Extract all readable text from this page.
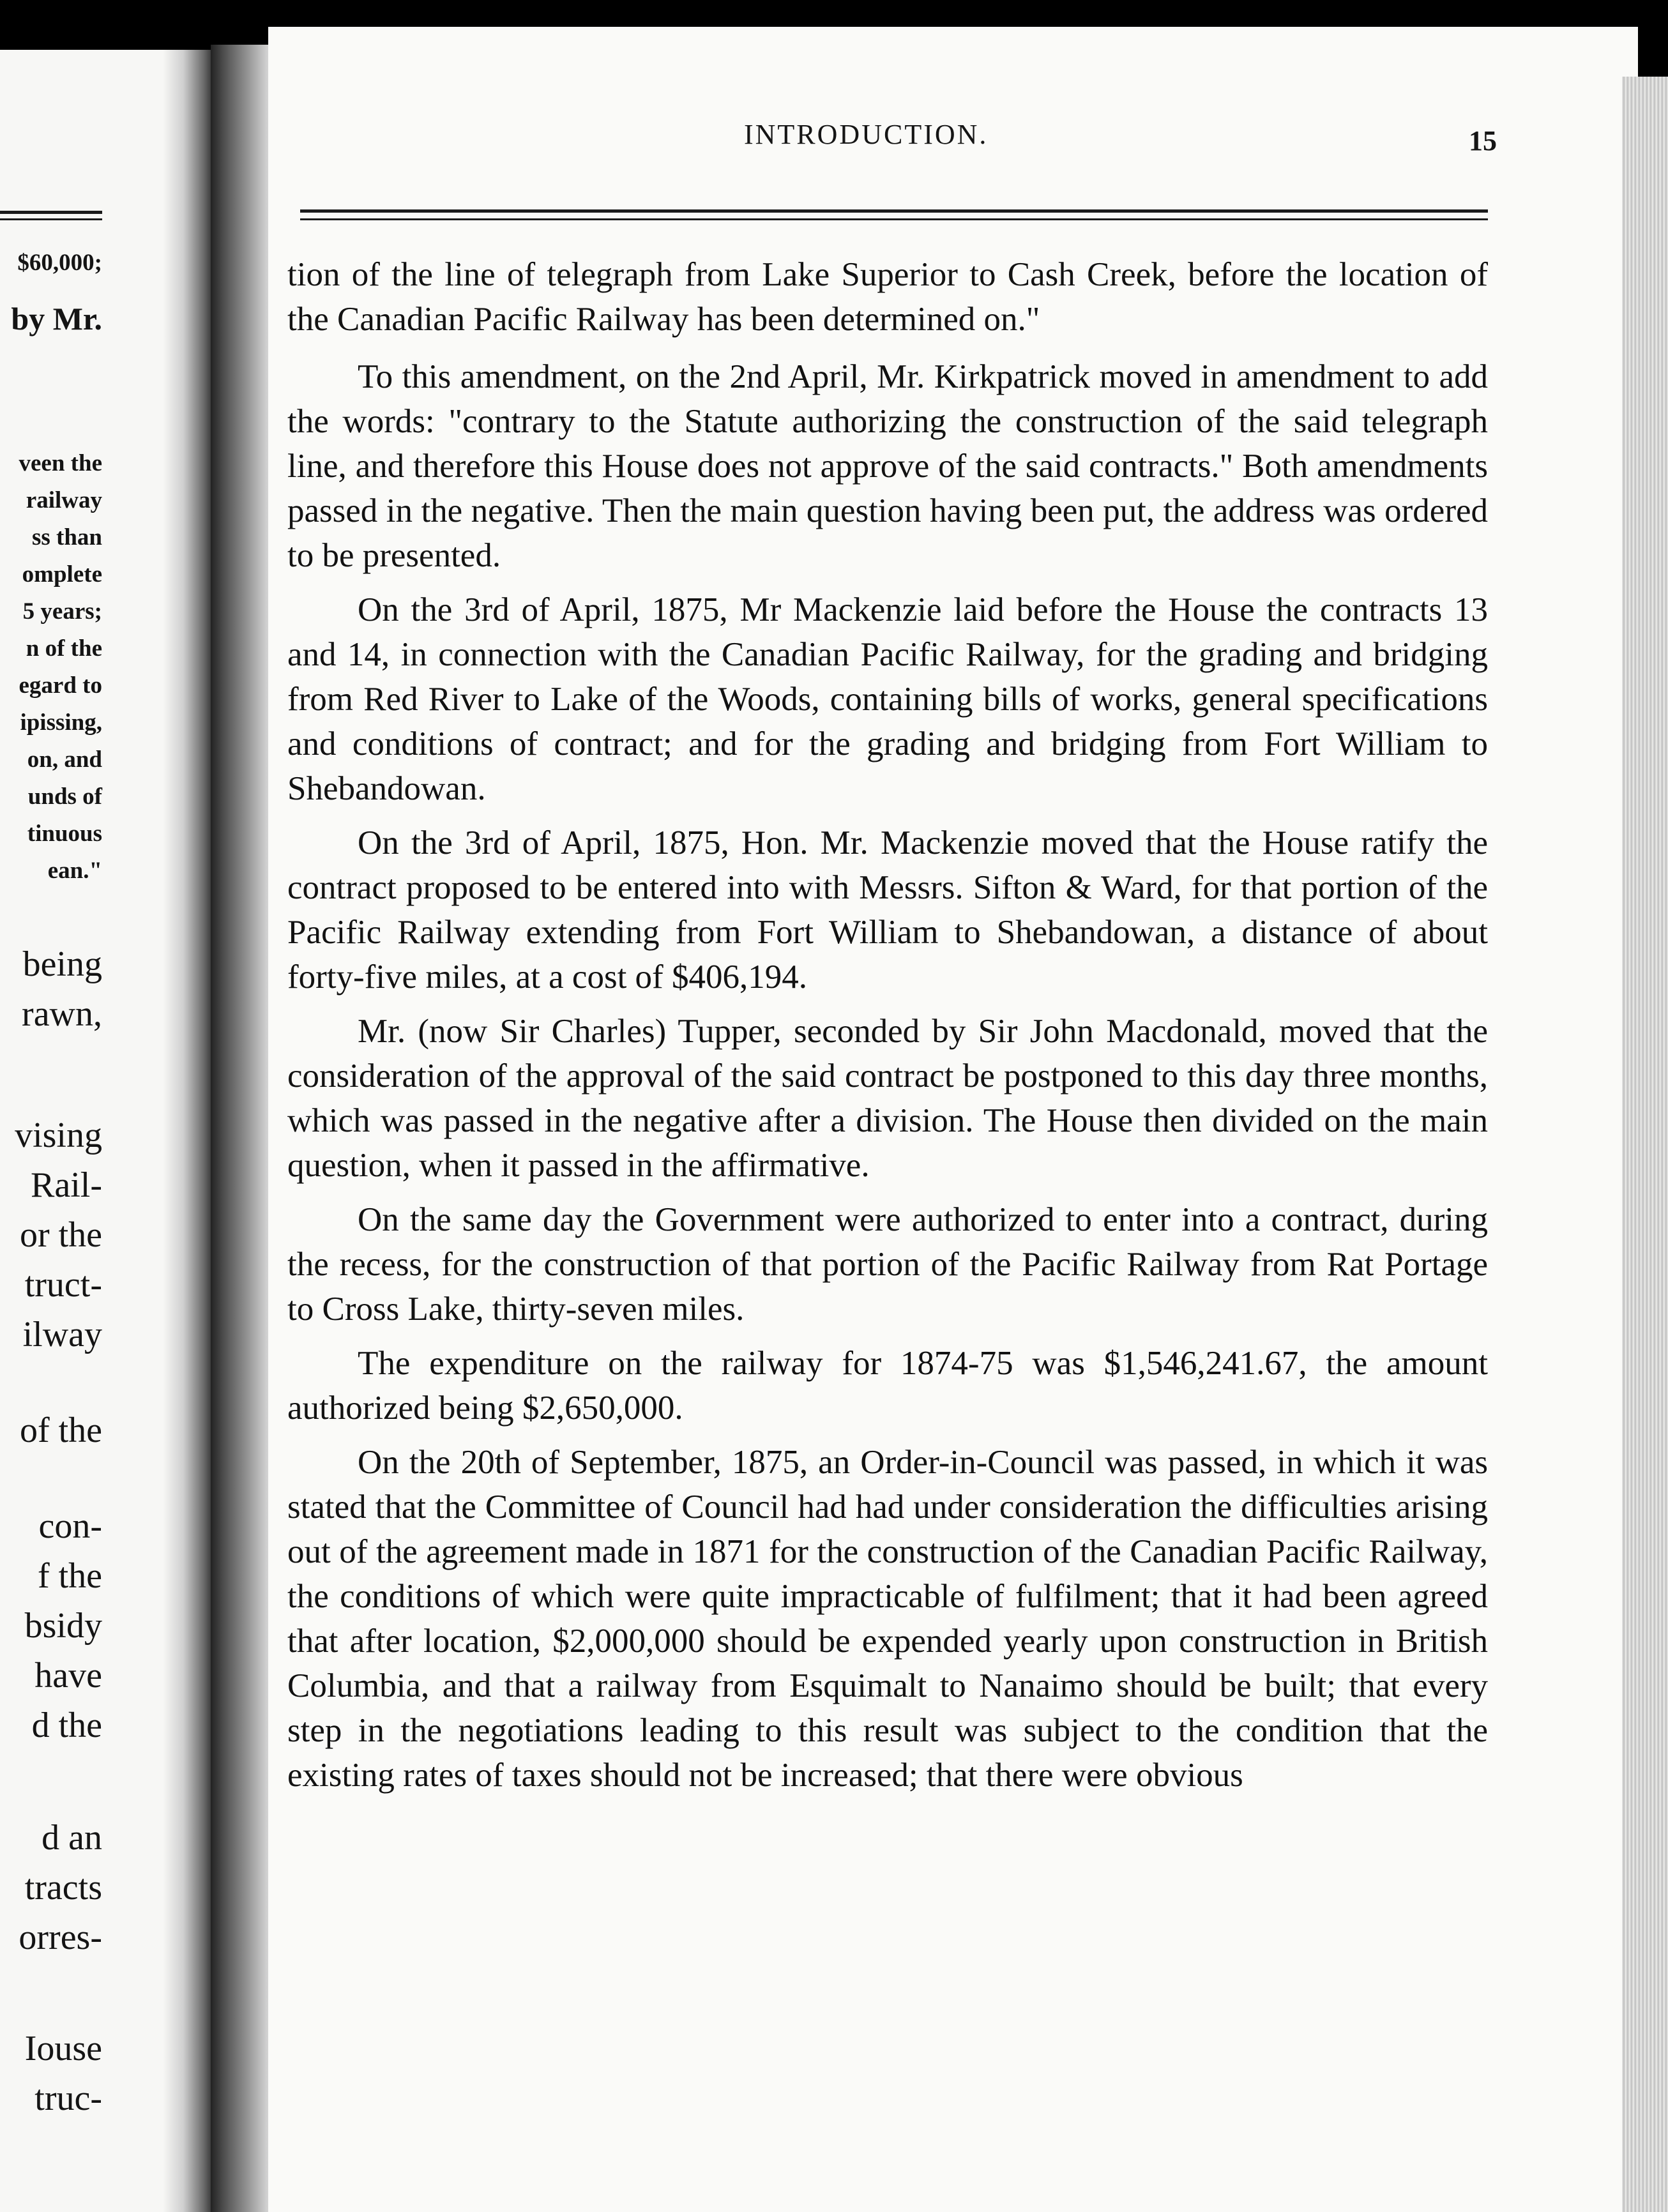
$60,000;
by Mr.
veen the
railway
ss than
omplete
5 years;
n of the
egard to
ipissing,
on, and
unds of
tinuous
ean."
being
rawn,
vising
Rail-
or the
truct-
ilway
of the
con-
f the
bsidy
have
d the
d an
tracts
orres-
Iouse
truc-
INTRODUCTION.	15

tion of the line of telegraph from Lake Superior to Cash Creek, before the location of the Canadian Pacific Railway has been determined on."

To this amendment, on the 2nd April, Mr. Kirkpatrick moved in amendment to add the words: "contrary to the Statute authorizing the construction of the said telegraph line, and therefore this House does not approve of the said contracts." Both amendments passed in the negative. Then the main question having been put, the address was ordered to be presented.

On the 3rd of April, 1875, Mr Mackenzie laid before the House the contracts 13 and 14, in connection with the Canadian Pacific Railway, for the grading and bridging from Red River to Lake of the Woods, containing bills of works, general specifications and conditions of contract; and for the grading and bridging from Fort William to Shebandowan.

On the 3rd of April, 1875, Hon. Mr. Mackenzie moved that the House ratify the contract proposed to be entered into with Messrs. Sifton & Ward, for that portion of the Pacific Railway extending from Fort William to Shebandowan, a distance of about forty-five miles, at a cost of $406,194.

Mr. (now Sir Charles) Tupper, seconded by Sir John Macdonald, moved that the consideration of the approval of the said contract be postponed to this day three months, which was passed in the negative after a division. The House then divided on the main question, when it passed in the affirmative.

On the same day the Government were authorized to enter into a contract, during the recess, for the construction of that portion of the Pacific Railway from Rat Portage to Cross Lake, thirty-seven miles.

The expenditure on the railway for 1874-75 was $1,546,241.67, the amount authorized being $2,650,000.

On the 20th of September, 1875, an Order-in-Council was passed, in which it was stated that the Committee of Council had had under consideration the difficulties arising out of the agreement made in 1871 for the construction of the Canadian Pacific Railway, the conditions of which were quite impracticable of fulfilment; that it had been agreed that after location, $2,000,000 should be expended yearly upon construction in British Columbia, and that a railway from Esquimalt to Nanaimo should be built; that every step in the negotiations leading to this result was subject to the condition that the existing rates of taxes should not be increased; that there were obvious
